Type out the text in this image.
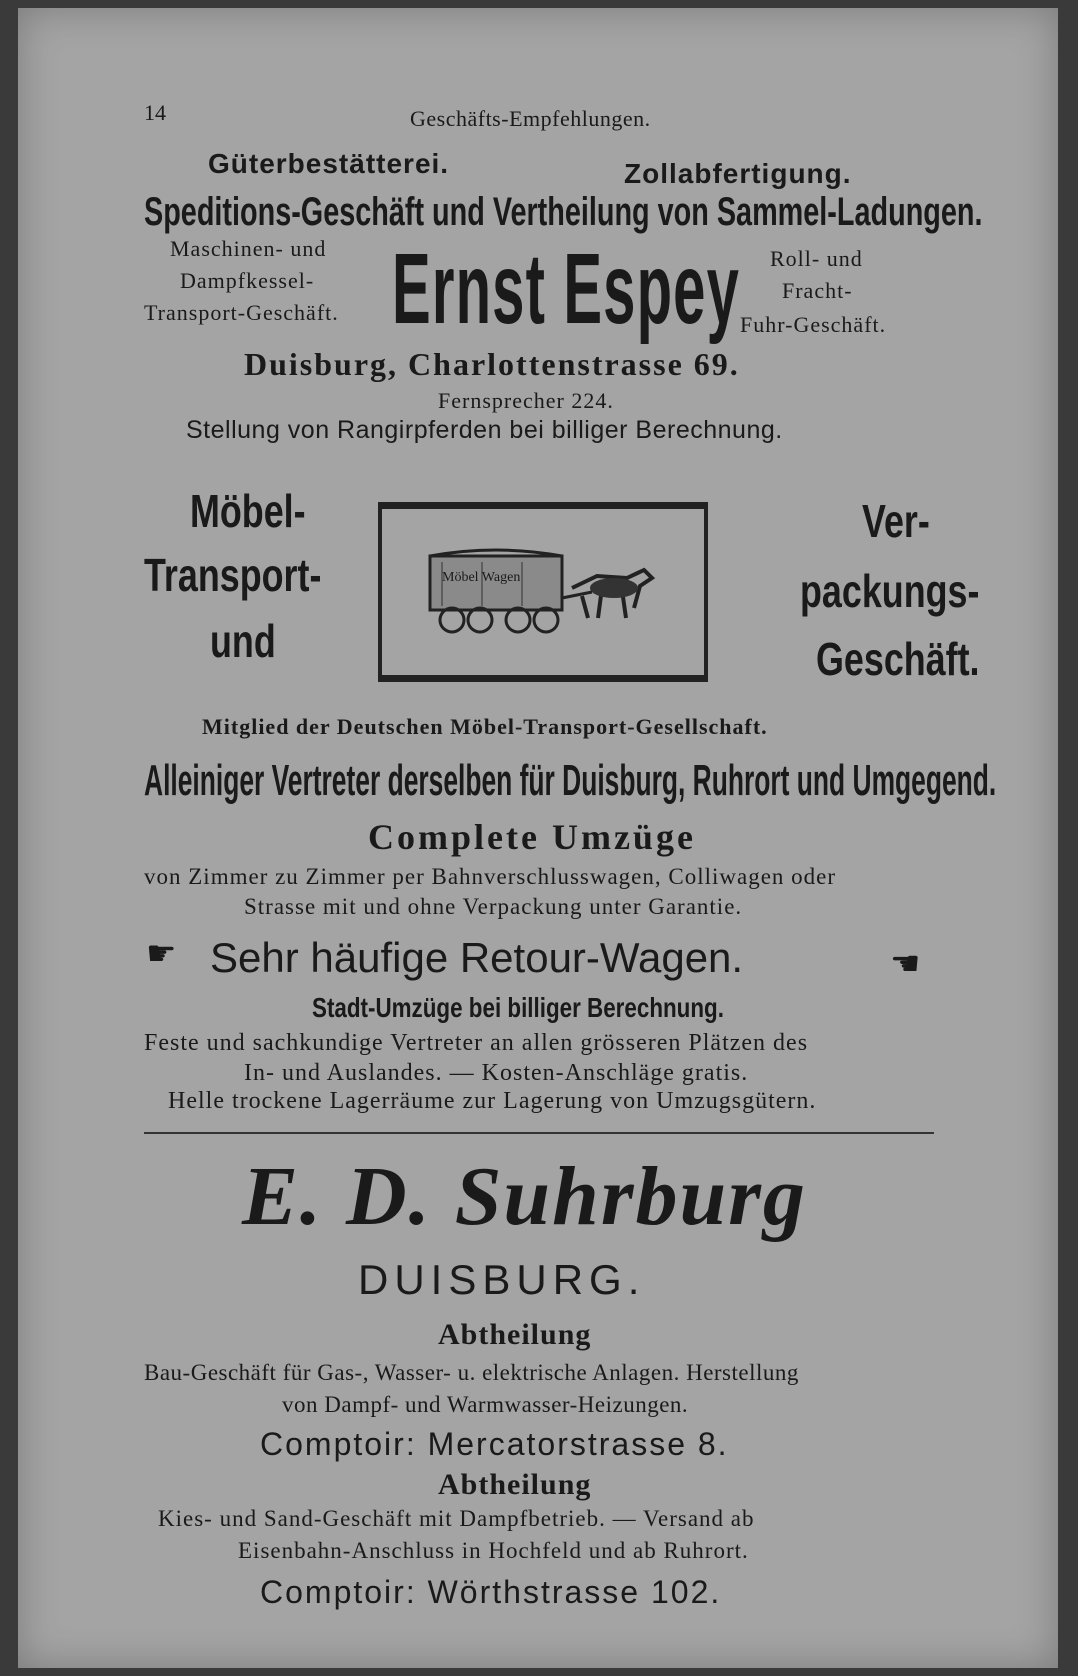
14	Geschäfts-Empfehlungen.
Güterbestätterei.	Zollabfertigung.
Speditions-Geschäft und Vertheilung von Sammel-Ladungen.
Maschinen- und
Dampfkessel-
Transport-Geschäft. Ernst Espey Roll- und
Fracht-
Fuhr-Geschäft.
Duisburg, Charlottenstrasse 69.
Fernsprecher 224.
Stellung von Rangirpferden bei billiger Berechnung.
Möbel-
Transport-
und
Möbel Wagen
Ver-
packungs-
Geschäft.
Mitglied der Deutschen Möbel-Transport-Gesellschaft.
Alleiniger Vertreter derselben für Duisburg, Ruhrort und Umgegend.
Complete Umzüge
von Zimmer zu Zimmer per Bahnverschlusswagen, Colliwagen oder
Strasse mit und ohne Verpackung unter Garantie.
☛ Sehr häufige Retour-Wagen.	☚
Stadt-Umzüge bei billiger Berechnung.
Feste und sachkundige Vertreter an allen grösseren Plätzen des
In- und Auslandes. — Kosten-Anschläge gratis.
Helle trockene Lagerräume zur Lagerung von Umzugsgütern.
E. D. Suhrburg
DUISBURG.
Abtheilung
Bau-Geschäft für Gas-, Wasser- u. elektrische Anlagen. Herstellung
von Dampf- und Warmwasser-Heizungen.
Comptoir: Mercatorstrasse 8.
Abtheilung
Kies- und Sand-Geschäft mit Dampfbetrieb. — Versand ab
Eisenbahn-Anschluss in Hochfeld und ab Ruhrort.
Comptoir: Wörthstrasse 102.
